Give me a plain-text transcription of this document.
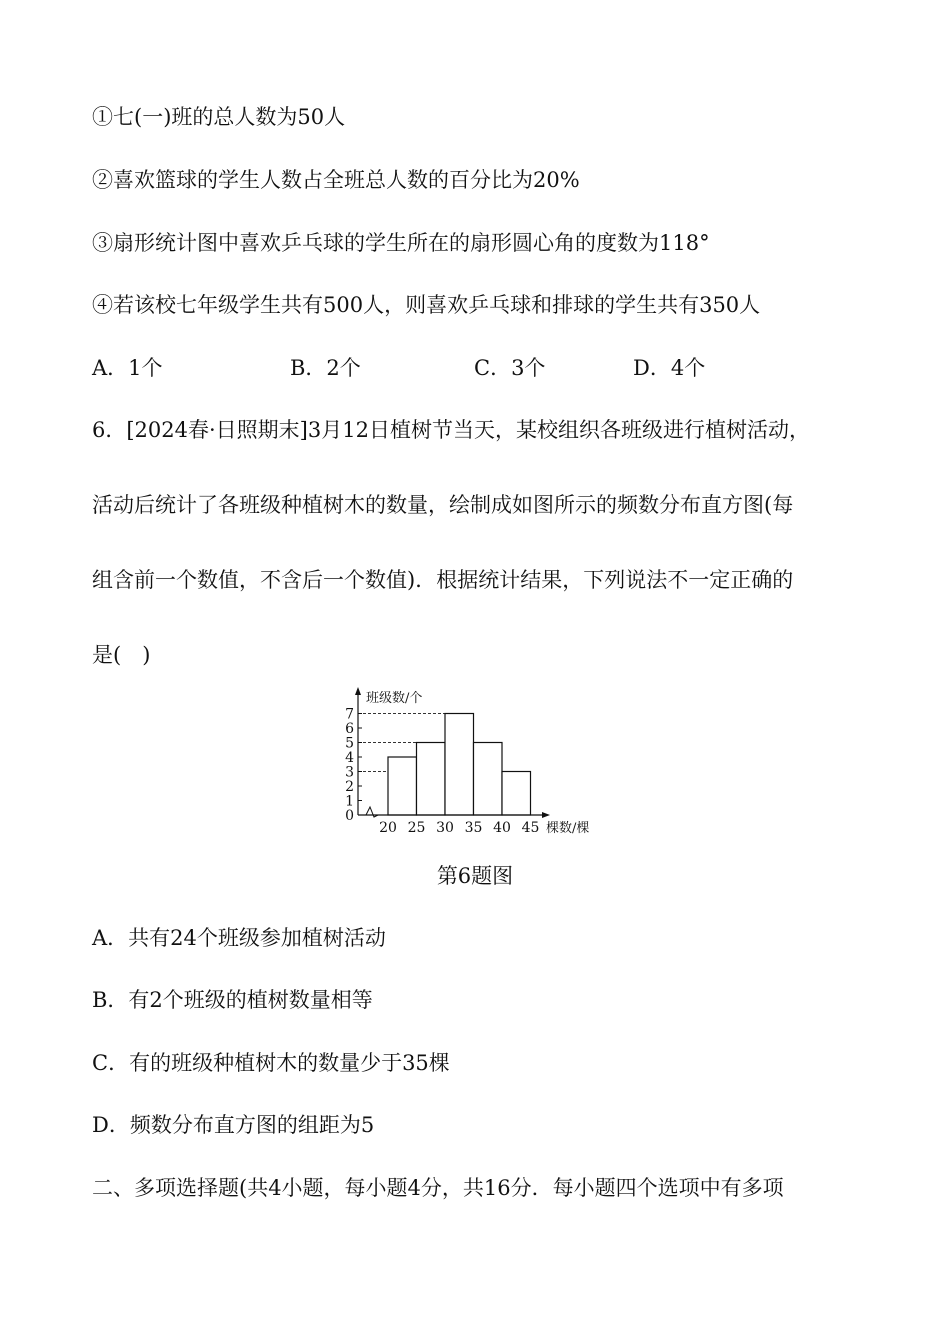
①七(一)班的总人数为50人
②喜欢篮球的学生人数占全班总人数的百分比为20%
③扇形统计图中喜欢乒乓球的学生所在的扇形圆心角的度数为118°
④若该校七年级学生共有500人，则喜欢乒乓球和排球的学生共有350人
A．1个	B．2个	C．3个	D．4个
6．[2024春·日照期末]3月12日植树节当天，某校组织各班级进行植树活动，
活动后统计了各班级种植树木的数量，绘制成如图所示的频数分布直方图(每
组含前一个数值，不含后一个数值)．根据统计结果，下列说法不一定正确的
是(　)
0
1
2
3
4
5
6
7
20 25 30 35 40 45
班级数/个
棵数/棵
第6题图
A．共有24个班级参加植树活动
B．有2个班级的植树数量相等
C．有的班级种植树木的数量少于35棵
D．频数分布直方图的组距为5
二、多项选择题(共4小题，每小题4分，共16分．每小题四个选项中有多项
